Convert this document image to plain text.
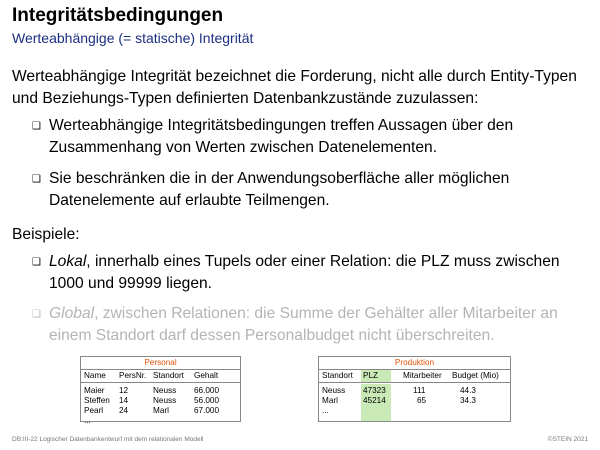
Integritätsbedingungen
Werteabhängige (= statische) Integrität
Werteabhängige Integrität bezeichnet die Forderung, nicht alle durch Entity-Typen und Beziehungs-Typen definierten Datenbankzustände zuzulassen:
❑ Werteabhängige Integritätsbedingungen treffen Aussagen über den Zusammenhang von Werten zwischen Datenelementen.
❑ Sie beschränken die in der Anwendungsoberfläche aller möglichen Datenelemente auf erlaubte Teilmengen.
Beispiele:
❑ Lokal, innerhalb eines Tupels oder einer Relation: die PLZ muss zwischen 1000 und 99999 liegen.
❑ Global, zwischen Relationen: die Summe der Gehälter aller Mitarbeiter an einem Standort darf dessen Personalbudget nicht überschreiten.
Personal
Name PersNr. Standort Gehalt
Maier 12	Neuss 66.000
Steffen 14	Neuss 56.000
Pearl 24	Marl	67.000
...
Produktion
Standort PLZ	Mitarbeiter Budget (Mio)
Neuss 47323	111	44.3
Marl	45214	65	34.3
...
DB:III-22 Logischer Datenbankentwurf mit dem relationalen Modell	©STEIN 2021
